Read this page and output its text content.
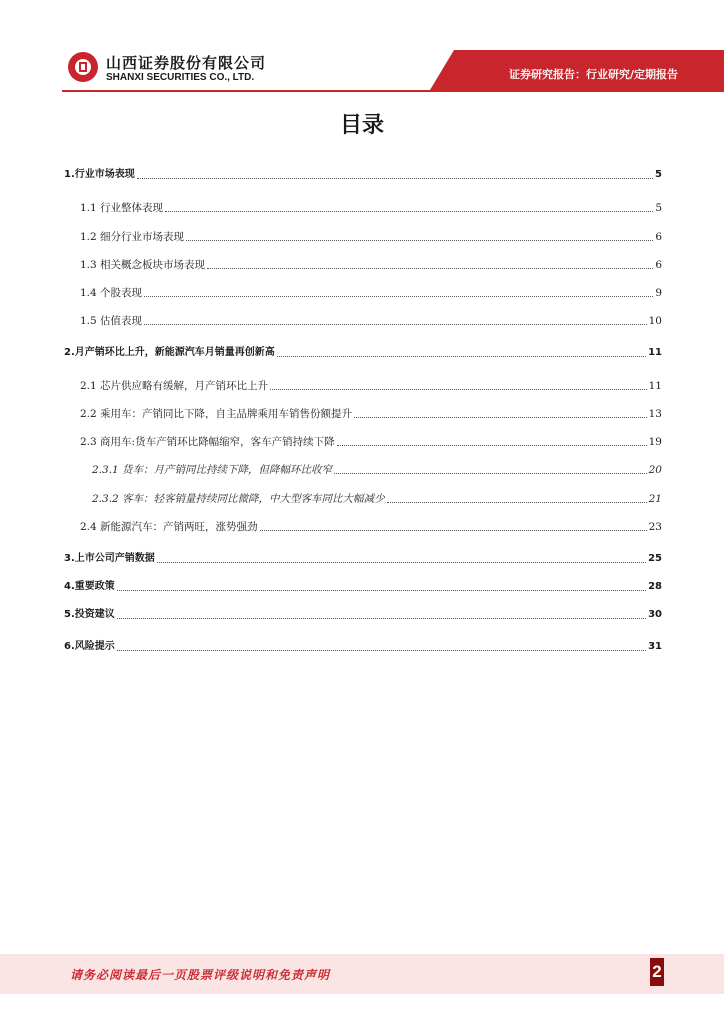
山西证券股份有限公司
SHANXI SECURITIES CO., LTD.	证券研究报告：行业研究/定期报告
目录
1.行业市场表现	5
1.1 行业整体表现	5
1.2 细分行业市场表现	6
1.3 相关概念板块市场表现	6
1.4 个股表现	9
1.5 估值表现	10
2.月产销环比上升，新能源汽车月销量再创新高	11
2.1 芯片供应略有缓解，月产销环比上升	11
2.2 乘用车：产销同比下降，自主品牌乘用车销售份额提升	13
2.3 商用车:货车产销环比降幅缩窄，客车产销持续下降	19
2.3.1 货车：月产销同比持续下降，但降幅环比收窄	20
2.3.2 客车：轻客销量持续同比微降，中大型客车同比大幅减少	21
2.4 新能源汽车：产销两旺，涨势强劲	23
3.上市公司产销数据	25
4.重要政策	28
5.投资建议	30
6.风险提示	31
请务必阅读最后一页股票评级说明和免责声明	2
